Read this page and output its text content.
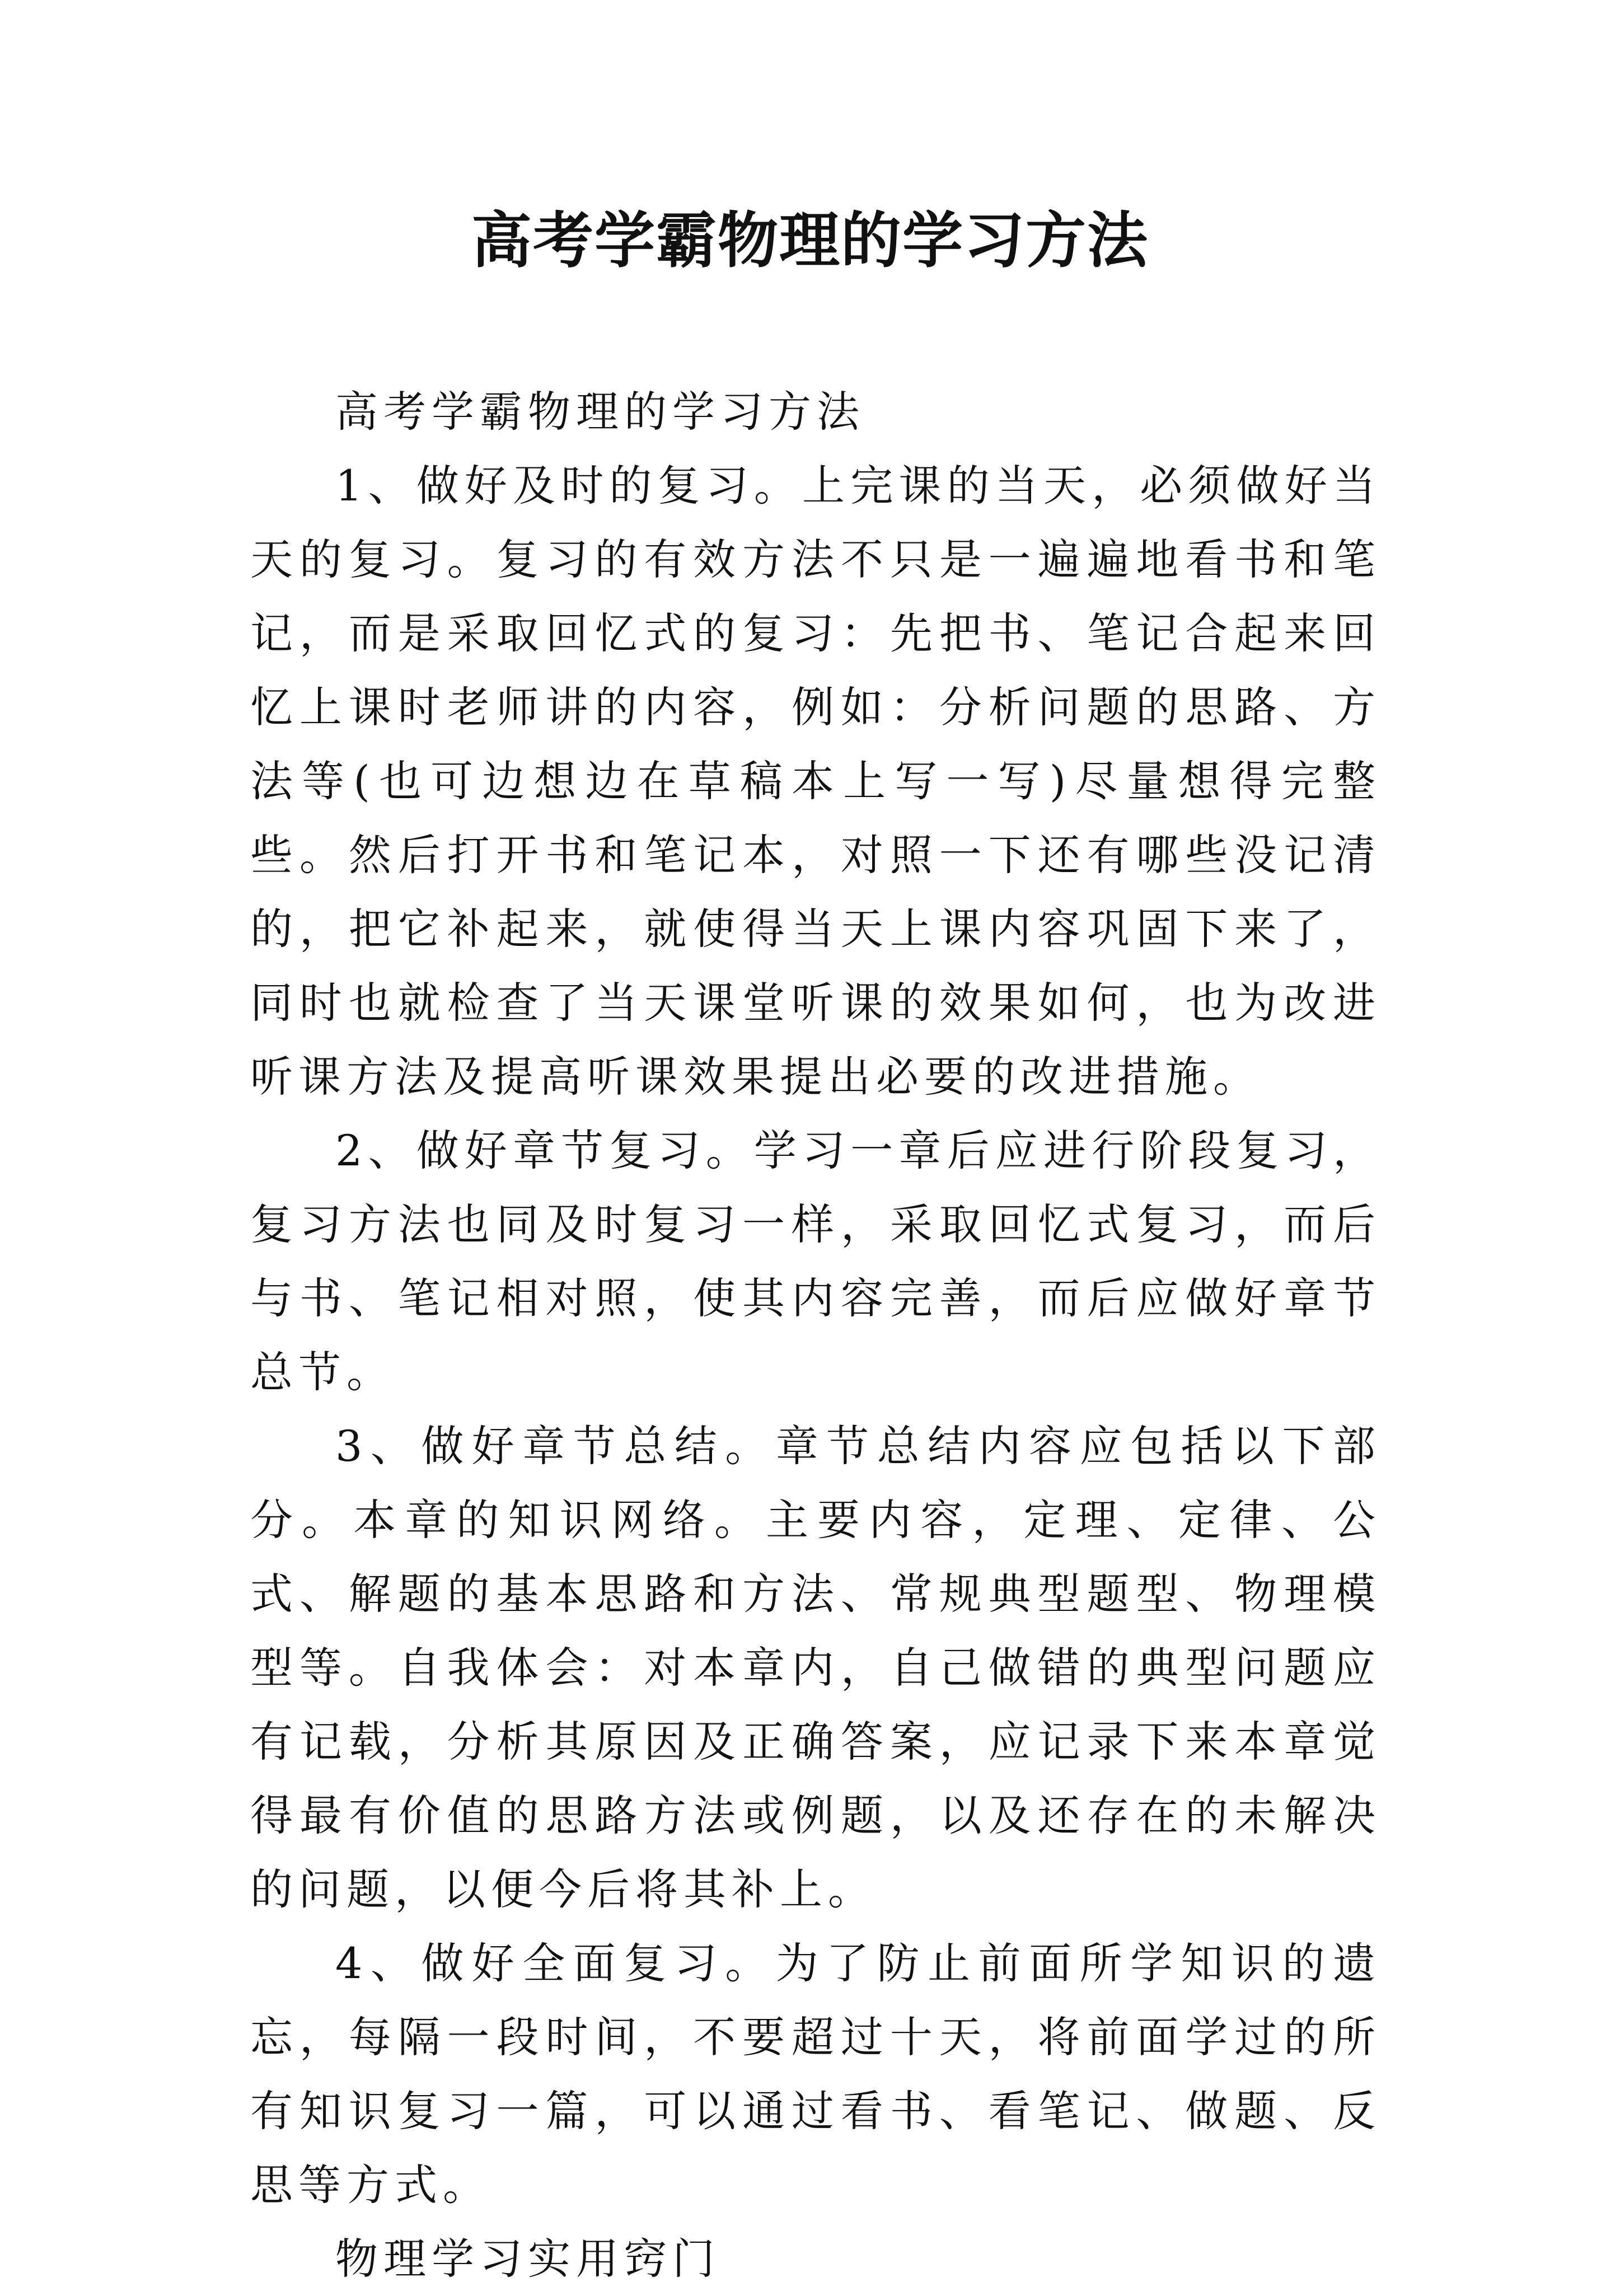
高考学霸物理的学习方法

高考学霸物理的学习方法

1、做好及时的复习。上完课的当天，必须做好当天的复习。复习的有效方法不只是一遍遍地看书和笔记，而是采取回忆式的复习：先把书、笔记合起来回忆上课时老师讲的内容，例如：分析问题的思路、方法等(也可边想边在草稿本上写一写)尽量想得完整些。然后打开书和笔记本，对照一下还有哪些没记清的，把它补起来，就使得当天上课内容巩固下来了，同时也就检查了当天课堂听课的效果如何，也为改进听课方法及提高听课效果提出必要的改进措施。

2、做好章节复习。学习一章后应进行阶段复习，复习方法也同及时复习一样，采取回忆式复习，而后与书、笔记相对照，使其内容完善，而后应做好章节总节。

3、做好章节总结。章节总结内容应包括以下部分。本章的知识网络。主要内容，定理、定律、公式、解题的基本思路和方法、常规典型题型、物理模型等。自我体会：对本章内，自己做错的典型问题应有记载，分析其原因及正确答案，应记录下来本章觉得最有价值的思路方法或例题，以及还存在的未解决的问题，以便今后将其补上。

4、做好全面复习。为了防止前面所学知识的遗忘，每隔一段时间，不要超过十天，将前面学过的所有知识复习一篇，可以通过看书、看笔记、做题、反思等方式。

物理学习实用窍门
